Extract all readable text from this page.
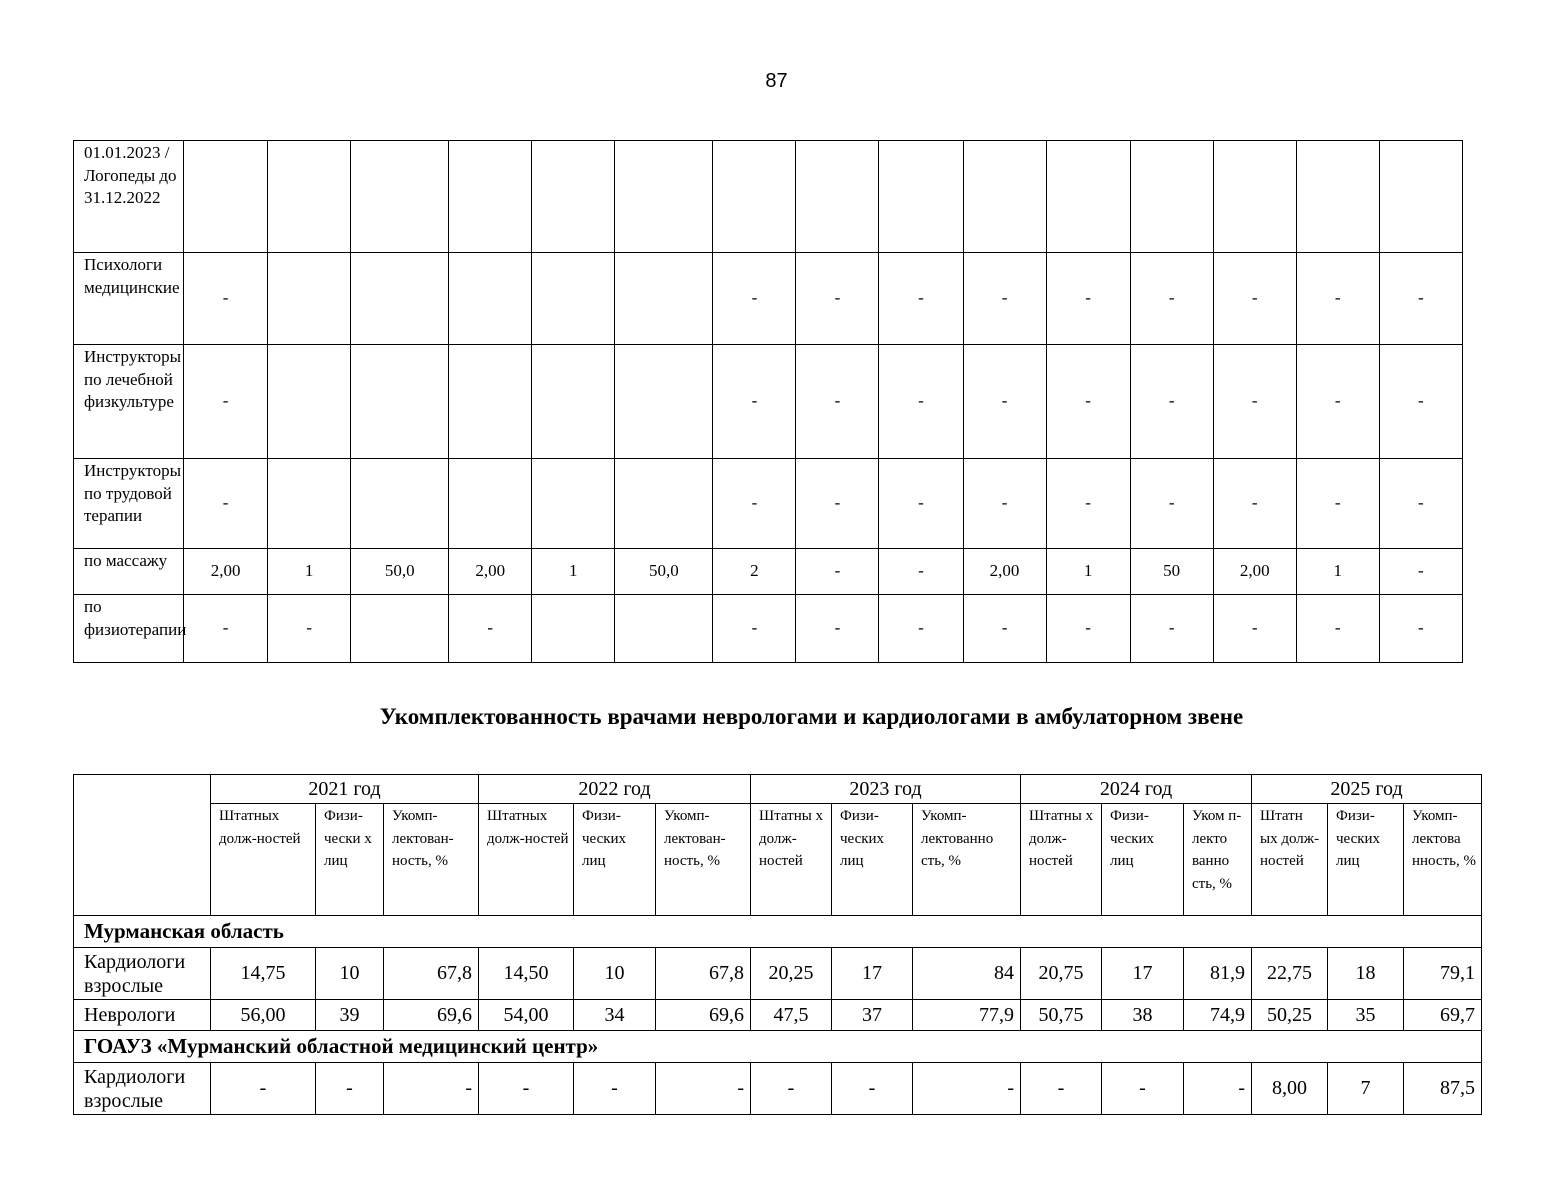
87
01.01.2023 / Логопеды до 31.12.2022															
Психологи медицинские	-						-	-	-	-	-	-	-	-	-
Инструкторы по лечебной физкультуре	-						-	-	-	-	-	-	-	-	-
Инструкторы по трудовой терапии	-						-	-	-	-	-	-	-	-	-
по массажу	2,00	1	50,0	2,00	1	50,0	2	-	-	2,00	1	50	2,00	1	-
по физиотерапии	-	-		-			-	-	-	-	-	-	-	-	-
Укомплектованность врачами неврологами и кардиологами в амбулаторном звене
	2021 год			2022 год			2023 год			2024 год			2025 год		
	Штатных долж-ностей	Физи-чески х лиц	Укомп-лектован-ность, %	Штатных долж-ностей	Физи-ческих лиц	Укомп-лектован-ность, %	Штатны х долж-ностей	Физи-ческих лиц	Укомп-лектованно сть, %	Штатны х долж-ностей	Физи-ческих лиц	Уком п-лекто ванно сть, %	Штатн ых долж-ностей	Физи-ческих лиц	Укомп-лектова нность, %
Мурманская область															
Кардиологи взрослые	14,75	10	67,8	14,50	10	67,8	20,25	17	84	20,75	17	81,9	22,75	18	79,1
Неврологи	56,00	39	69,6	54,00	34	69,6	47,5	37	77,9	50,75	38	74,9	50,25	35	69,7
ГОАУЗ «Мурманский областной медицинский центр»															
Кардиологи взрослые	-	-	-	-	-	-	-	-	-	-	-	-	8,00	7	87,5
